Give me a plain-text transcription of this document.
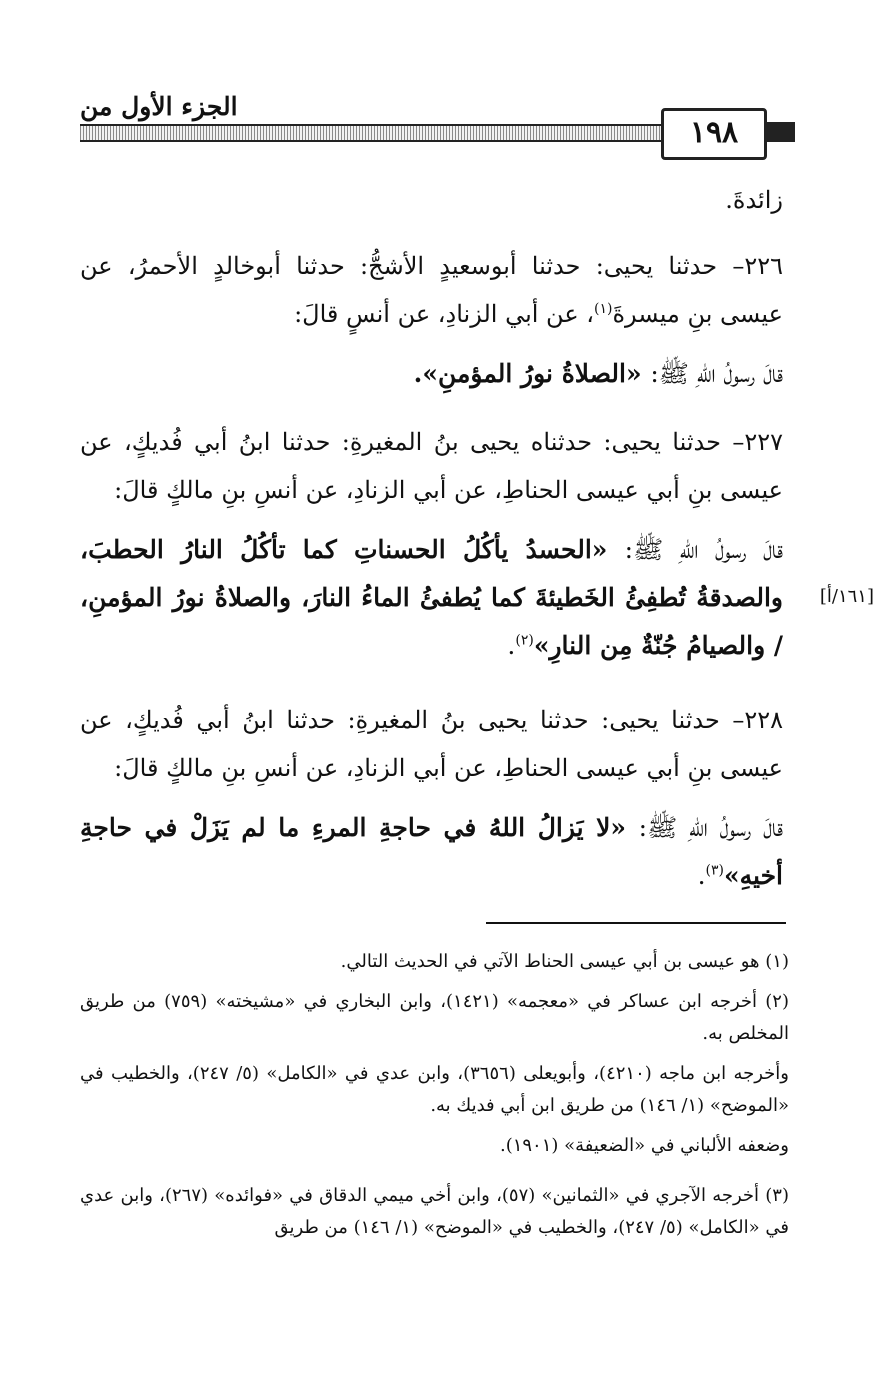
١٩٨
الجزء الأول من
زائدةَ.
٢٢٦– حدثنا يحيى: حدثنا أبوسعيدٍ الأشجُّ: حدثنا أبوخالدٍ الأحمرُ، عن عيسى بنِ ميسرةَ$^{(١)}$، عن أبي الزنادِ، عن أنسٍ قالَ:
قالَ رسولُ اللهِ ﷺ: «الصلاةُ نورُ المؤمنِ».
٢٢٧– حدثنا يحيى: حدثناه يحيى بنُ المغيرةِ: حدثنا ابنُ أبي فُديكٍ، عن عيسى بنِ أبي عيسى الحناطِ، عن أبي الزنادِ، عن أنسِ بنِ مالكٍ قالَ:
قالَ رسولُ اللهِ ﷺ: «الحسدُ يأكُلُ الحسناتِ كما تأكُلُ النارُ الحطبَ، والصدقةُ تُطفِئُ الخَطيئةَ كما يُطفئُ الماءُ النارَ، والصلاةُ نورُ المؤمنِ، / والصيامُ جُنّةٌ مِن النارِ»$^{(٢)}$.
[١٦١/أ]
٢٢٨– حدثنا يحيى: حدثنا يحيى بنُ المغيرةِ: حدثنا ابنُ أبي فُديكٍ، عن عيسى بنِ أبي عيسى الحناطِ، عن أبي الزنادِ، عن أنسِ بنِ مالكٍ قالَ:
قالَ رسولُ اللهِ ﷺ: «لا يَزالُ اللهُ في حاجةِ المرءِ ما لم يَزَلْ في حاجةِ أخيهِ»$^{(٣)}$.
(١) هو عيسى بن أبي عيسى الحناط الآتي في الحديث التالي.
(٢) أخرجه ابن عساكر في «معجمه» (١٤٢١)، وابن البخاري في «مشيخته» (٧٥٩) من طريق المخلص به.
وأخرجه ابن ماجه (٤٢١٠)، وأبويعلى (٣٦٥٦)، وابن عدي في «الكامل» (٥/ ٢٤٧)، والخطيب في «الموضح» (١/ ١٤٦) من طريق ابن أبي فديك به.
وضعفه الألباني في «الضعيفة» (١٩٠١).
(٣) أخرجه الآجري في «الثمانين» (٥٧)، وابن أخي ميمي الدقاق في «فوائده» (٢٦٧)، وابن عدي في «الكامل» (٥/ ٢٤٧)، والخطيب في «الموضح» (١/ ١٤٦) من طريق
